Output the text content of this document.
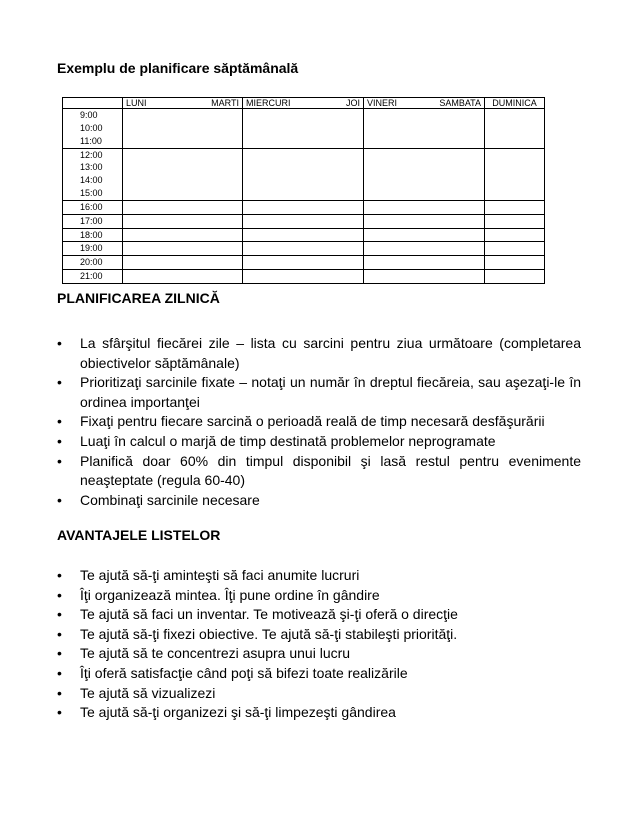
Exemplu de planificare săptămânală

	LUNI MARTI	MIERCURI JOI	VINERI SAMBATA	DUMINICA
9:00				
10:00				
11:00				
12:00				
13:00				
14:00				
15:00				
16:00				
17:00				
18:00				
19:00				
20:00				
21:00				
PLANIFICAREA ZILNICĂ
• La sfârşitul fiecărei zile – lista cu sarcini pentru ziua următoare (completarea obiectivelor săptămânale)
• Prioritizaţi sarcinile fixate – notaţi un număr în dreptul fiecăreia, sau aşezaţi-le în ordinea importanţei
• Fixaţi pentru fiecare sarcină o perioadă reală de timp necesară desfăşurării
• Luaţi în calcul o marjă de timp destinată problemelor neprogramate
• Planifică doar 60% din timpul disponibil şi lasă restul pentru evenimente neaşteptate (regula 60-40)
• Combinaţi sarcinile necesare
AVANTAJELE LISTELOR
• Te ajută să-ţi aminteşti să faci anumite lucruri
• Îţi organizează mintea. Îţi pune ordine în gândire
• Te ajută să faci un inventar. Te motivează şi-ţi oferă o direcţie
• Te ajută să-ţi fixezi obiective. Te ajută să-ţi stabileşti priorităţi.
• Te ajută să te concentrezi asupra unui lucru
• Îţi oferă satisfacţie când poţi să bifezi toate realizările
• Te ajută să vizualizezi
• Te ajută să-ţi organizezi şi să-ţi limpezeşti gândirea
